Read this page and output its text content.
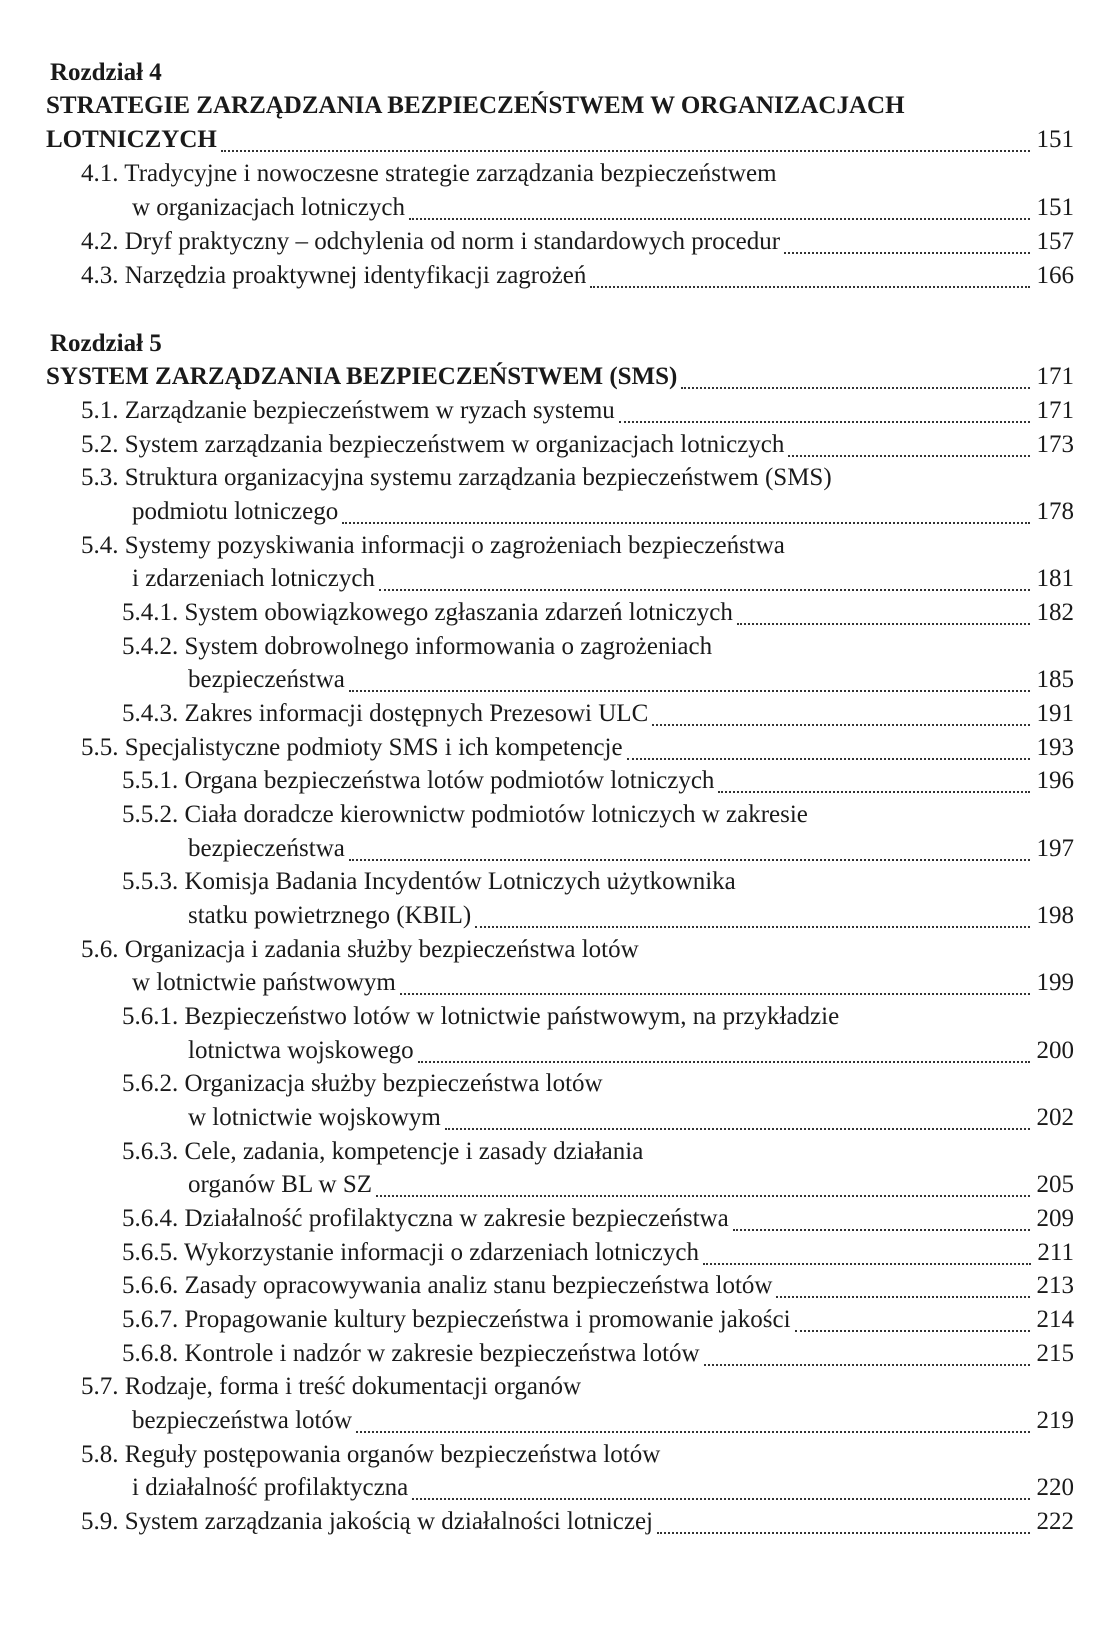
Rozdział 4
STRATEGIE ZARZĄDZANIA BEZPIECZEŃSTWEM W ORGANIZACJACH
LOTNICZYCH	151
4.1. Tradycyjne i nowoczesne strategie zarządzania bezpieczeństwem
w organizacjach lotniczych	151
4.2. Dryf praktyczny – odchylenia od norm i standardowych procedur	157
4.3. Narzędzia proaktywnej identyfikacji zagrożeń	166
Rozdział 5
SYSTEM ZARZĄDZANIA BEZPIECZEŃSTWEM (SMS)	171
5.1. Zarządzanie bezpieczeństwem w ryzach systemu	171
5.2. System zarządzania bezpieczeństwem w organizacjach lotniczych	173
5.3. Struktura organizacyjna systemu zarządzania bezpieczeństwem (SMS)
podmiotu lotniczego	178
5.4. Systemy pozyskiwania informacji o zagrożeniach bezpieczeństwa
i zdarzeniach lotniczych	181
5.4.1. System obowiązkowego zgłaszania zdarzeń lotniczych	182
5.4.2. System dobrowolnego informowania o zagrożeniach
bezpieczeństwa	185
5.4.3. Zakres informacji dostępnych Prezesowi ULC	191
5.5. Specjalistyczne podmioty SMS i ich kompetencje	193
5.5.1. Organa bezpieczeństwa lotów podmiotów lotniczych	196
5.5.2. Ciała doradcze kierownictw podmiotów lotniczych w zakresie
bezpieczeństwa	197
5.5.3. Komisja Badania Incydentów Lotniczych użytkownika
statku powietrznego (KBIL)	198
5.6. Organizacja i zadania służby bezpieczeństwa lotów
w lotnictwie państwowym	199
5.6.1. Bezpieczeństwo lotów w lotnictwie państwowym, na przykładzie
lotnictwa wojskowego	200
5.6.2. Organizacja służby bezpieczeństwa lotów
w lotnictwie wojskowym	202
5.6.3. Cele, zadania, kompetencje i zasady działania
organów BL w SZ	205
5.6.4. Działalność profilaktyczna w zakresie bezpieczeństwa	209
5.6.5. Wykorzystanie informacji o zdarzeniach lotniczych	211
5.6.6. Zasady opracowywania analiz stanu bezpieczeństwa lotów	213
5.6.7. Propagowanie kultury bezpieczeństwa i promowanie jakości	214
5.6.8. Kontrole i nadzór w zakresie bezpieczeństwa lotów	215
5.7. Rodzaje, forma i treść dokumentacji organów
bezpieczeństwa lotów	219
5.8. Reguły postępowania organów bezpieczeństwa lotów
i działalność profilaktyczna	220
5.9. System zarządzania jakością w działalności lotniczej	222
